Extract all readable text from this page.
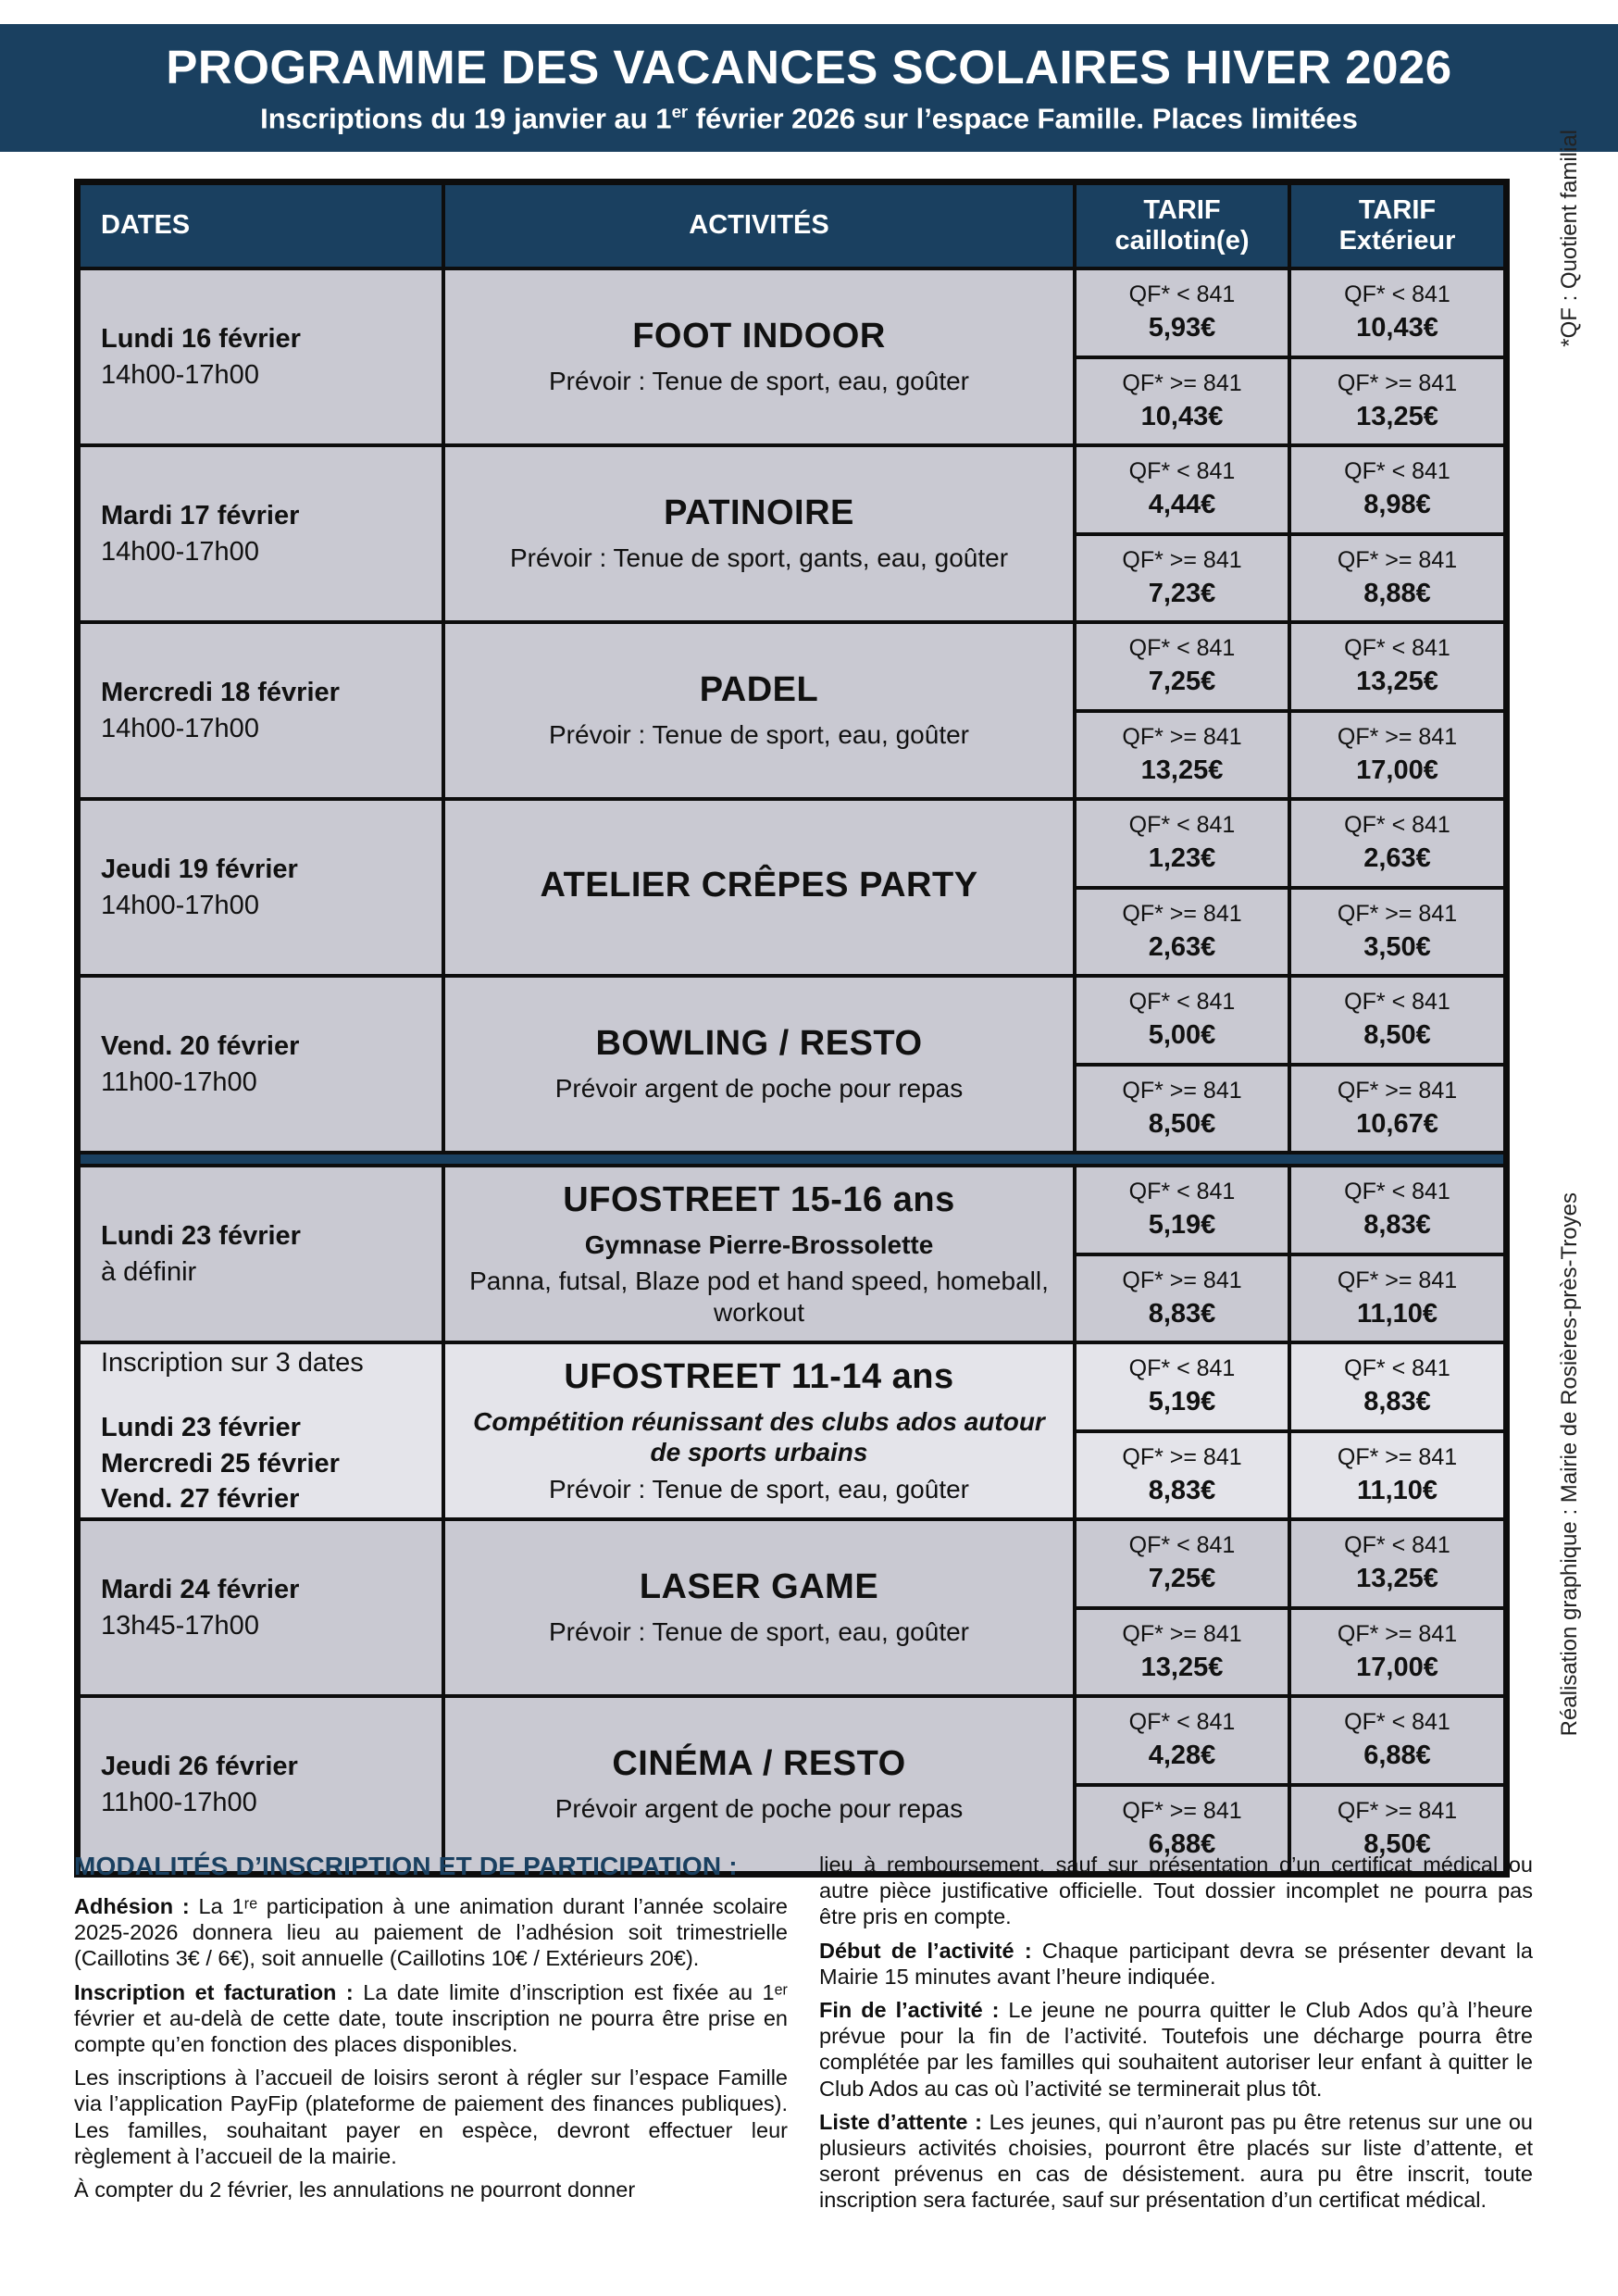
PROGRAMME DES VACANCES SCOLAIRES HIVER 2026
Inscriptions du 19 janvier au 1er février 2026 sur l’espace Famille. Places limitées
DATES	ACTIVITÉS
TARIF
caillotin(e)
TARIF
Extérieur
Lundi 16 février
14h00-17h00
FOOT INDOOR
Prévoir : Tenue de sport, eau, goûter
QF* < 841
5,93€
QF* >= 841
10,43€
QF* < 841
10,43€
QF* >= 841
13,25€
Mardi 17 février
14h00-17h00
PATINOIRE
Prévoir : Tenue de sport, gants, eau, goûter
QF* < 841
4,44€
QF* >= 841
7,23€
QF* < 841
8,98€
QF* >= 841
8,88€
Mercredi 18 février
14h00-17h00
PADEL
Prévoir : Tenue de sport, eau, goûter
QF* < 841
7,25€
QF* >= 841
13,25€
QF* < 841
13,25€
QF* >= 841
17,00€
Jeudi 19 février
14h00-17h00
ATELIER CRÊPES PARTY
QF* < 841
1,23€
QF* >= 841
2,63€
QF* < 841
2,63€
QF* >= 841
3,50€
Vend. 20 février
11h00-17h00
BOWLING / RESTO
Prévoir argent de poche pour repas
QF* < 841
5,00€
QF* >= 841
8,50€
QF* < 841
8,50€
QF* >= 841
10,67€
Lundi 23 février
à définir
UFOSTREET 15-16 ans
Gymnase Pierre-Brossolette
Panna, futsal, Blaze pod et hand speed, homeball, workout
QF* < 841
5,19€
QF* >= 841
8,83€
QF* < 841
8,83€
QF* >= 841
11,10€
Inscription sur 3 dates
Lundi 23 février
Mercredi 25 février
Vend. 27 février
UFOSTREET 11-14 ans
Compétition réunissant des clubs ados autour de sports urbains
Prévoir : Tenue de sport, eau, goûter
QF* < 841
5,19€
QF* >= 841
8,83€
QF* < 841
8,83€
QF* >= 841
11,10€
Mardi 24 février
13h45-17h00
LASER GAME
Prévoir : Tenue de sport, eau, goûter
QF* < 841
7,25€
QF* >= 841
13,25€
QF* < 841
13,25€
QF* >= 841
17,00€
Jeudi 26 février
11h00-17h00
CINÉMA / RESTO
Prévoir argent de poche pour repas
QF* < 841
4,28€
QF* >= 841
6,88€
QF* < 841
6,88€
QF* >= 841
8,50€
MODALITÉS D’INSCRIPTION ET DE PARTICIPATION :

Adhésion : La 1ʳᵉ participation à une animation durant l’année scolaire 2025-2026 donnera lieu au paiement de l’adhésion soit trimestrielle (Caillotins 3€ / 6€), soit annuelle (Caillotins 10€ / Extérieurs 20€).

Inscription et facturation : La date limite d’inscription est fixée au 1ᵉʳ février et au-delà de cette date, toute inscription ne pourra être prise en compte qu’en fonction des places disponibles.

Les inscriptions à l’accueil de loisirs seront à régler sur l’espace Famille via l’application PayFip (plateforme de paiement des finances publiques). Les familles, souhaitant payer en espèce, devront effectuer leur règlement à l’accueil de la mairie.

À compter du 2 février, les annulations ne pourront donner

lieu à remboursement, sauf sur présentation d’un certificat médical ou autre pièce justificative officielle. Tout dossier incomplet ne pourra pas être pris en compte.

Début de l’activité : Chaque participant devra se présenter devant la Mairie 15 minutes avant l’heure indiquée.

Fin de l’activité : Le jeune ne pourra quitter le Club Ados qu’à l’heure prévue pour la fin de l’activité. Toutefois une décharge pourra être complétée par les familles qui souhaitent autoriser leur enfant à quitter le Club Ados au cas où l’activité se terminerait plus tôt.

Liste d’attente : Les jeunes, qui n’auront pas pu être retenus sur une ou plusieurs activités choisies, pourront être placés sur liste d’attente, et seront prévenus en cas de désistement. aura pu être inscrit, toute inscription sera facturée, sauf sur présentation d’un certificat médical.

*QF : Quotient familial
Réalisation graphique : Mairie de Rosières-près-Troyes
